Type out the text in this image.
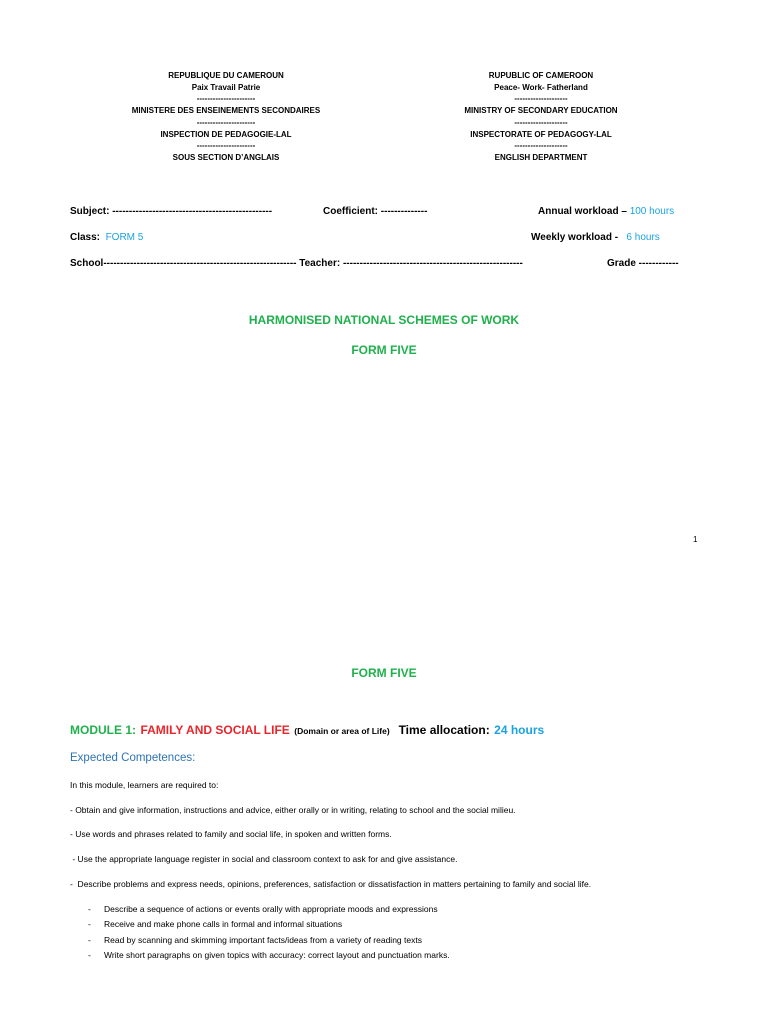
REPUBLIQUE DU CAMEROUN
Paix Travail Patrie
----------------------
MINISTERE DES ENSEINEMENTS SECONDAIRES
----------------------
INSPECTION DE PEDAGOGIE-LAL
----------------------
SOUS SECTION D’ANGLAIS
RUPUBLIC OF CAMEROON
Peace- Work- Fatherland
--------------------
MINISTRY OF SECONDARY EDUCATION
--------------------
INSPECTORATE OF PEDAGOGY-LAL
--------------------
ENGLISH DEPARTMENT
Subject: ------------------------------------------------	Coefficient: --------------	Annual workload – 100 hours
Class: FORM 5	Weekly workload - 6 hours
School---------------------------------------------------------- Teacher: ------------------------------------------------------	Grade ------------
HARMONISED NATIONAL SCHEMES OF WORK
FORM FIVE
1
FORM FIVE
MODULE 1: FAMILY AND SOCIAL LIFE (Domain or area of Life) Time allocation: 24 hours
Expected Competences:
In this module, learners are required to:
- Obtain and give information, instructions and advice, either orally or in writing, relating to school and the social milieu.
- Use words and phrases related to family and social life, in spoken and written forms.
- Use the appropriate language register in social and classroom context to ask for and give assistance.
-  Describe problems and express needs, opinions, preferences, satisfaction or dissatisfaction in matters pertaining to family and social life.
- Describe a sequence of actions or events orally with appropriate moods and expressions
- Receive and make phone calls in formal and informal situations
- Read by scanning and skimming important facts/ideas from a variety of reading texts
- Write short paragraphs on given topics with accuracy: correct layout and punctuation marks.
